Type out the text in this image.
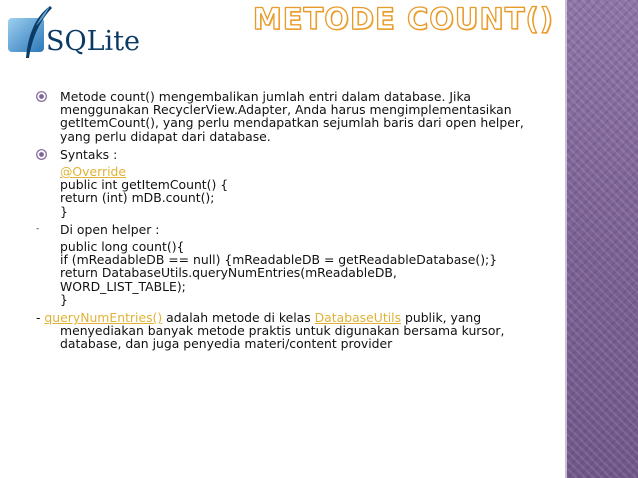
SQLite
METODE COUNT()
Metode count() mengembalikan jumlah entri dalam database. Jika menggunakan RecyclerView.Adapter, Anda harus mengimplementasikan getItemCount(), yang perlu mendapatkan sejumlah baris dari open helper, yang perlu didapat dari database.
Syntaks :
@Override
public int getItemCount() {
return (int) mDB.count();
}
- Di open helper :
public long count(){
if (mReadableDB == null) {mReadableDB = getReadableDatabase();}
return DatabaseUtils.queryNumEntries(mReadableDB,
WORD_LIST_TABLE);
}
- queryNumEntries() adalah metode di kelas DatabaseUtils publik, yang
menyediakan banyak metode praktis untuk digunakan bersama kursor,
database, dan juga penyedia materi/content provider
